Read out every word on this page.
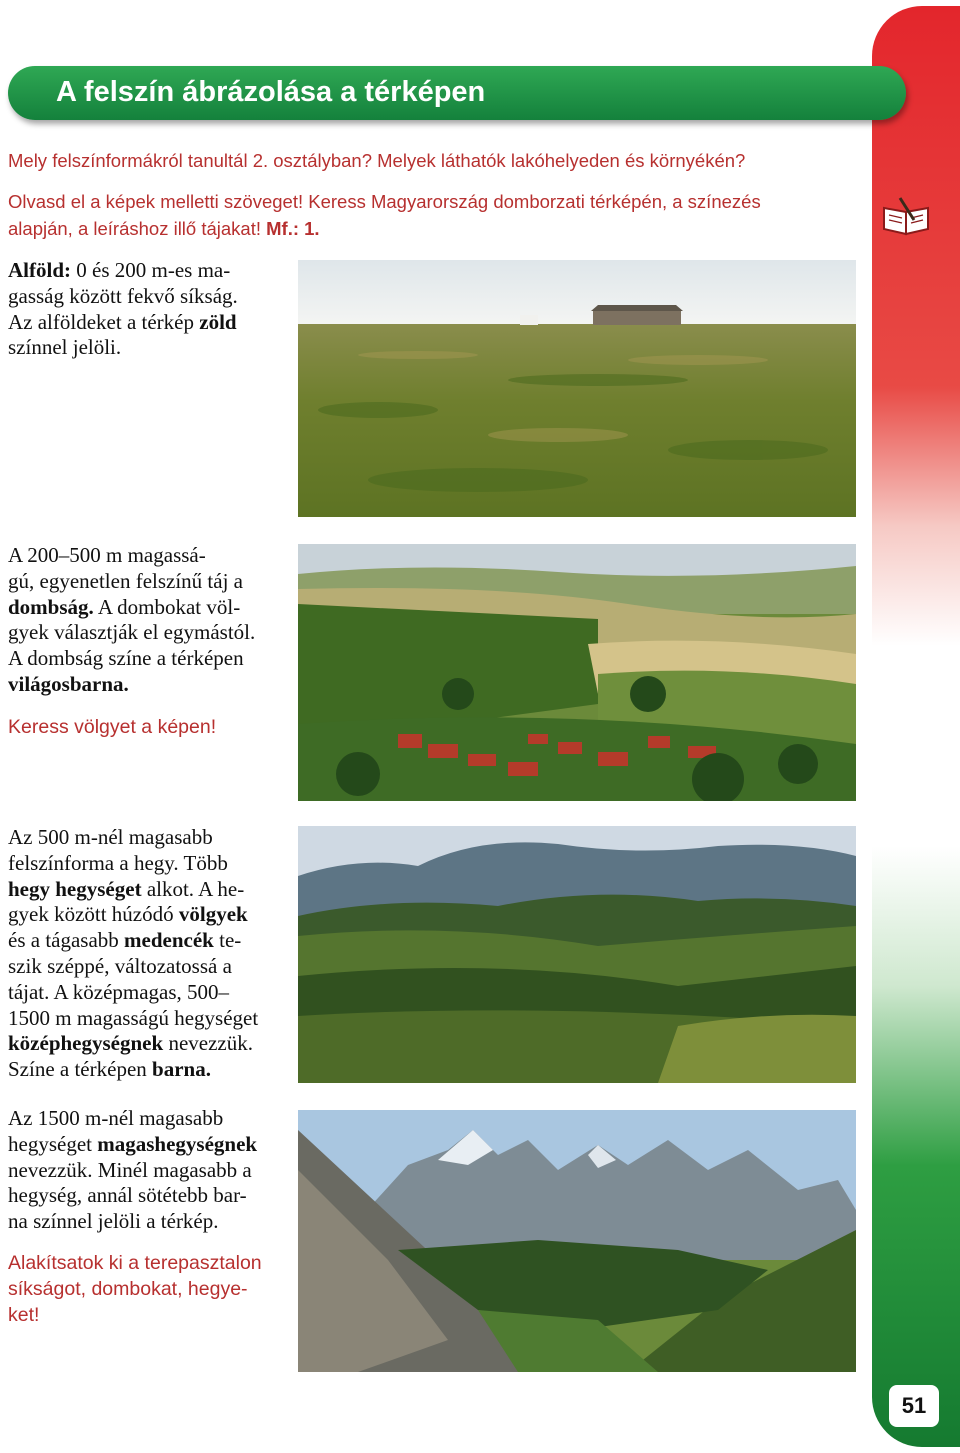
51
A felszín ábrázolása a térképen
Mely felszínformákról tanultál 2. osztályban? Melyek láthatók lakóhelyeden és környékén?
Olvasd el a képek melletti szöveget! Keress Magyarország domborzati térképén, a színezés
alapján, a leíráshoz illő tájakat! Mf.: 1.
Alföld: 0 és 200 m-es ma-
gasság között fekvő síkság.
Az alföldeket a térkép zöld
színnel jelöli.
A 200–500 m magassá-
gú, egyenetlen felszínű táj a
dombság. A dombokat völ-
gyek választják el egymástól.
A dombság színe a térképen
világosbarna.
Keress völgyet a képen!
Az 500 m-nél magasabb
felszínforma a hegy. Több
hegy hegységet alkot. A he-
gyek között húzódó völgyek
és a tágasabb medencék te-
szik széppé, változatossá a
tájat. A középmagas, 500–
1500 m magasságú hegységet
középhegységnek nevezzük.
Színe a térképen barna.
Az 1500 m-nél magasabb
hegységet magashegységnek
nevezzük. Minél magasabb a
hegység, annál sötétebb bar-
na színnel jelöli a térkép.
Alakítsatok ki a terepasztalon
síkságot, dombokat, hegye-
ket!
